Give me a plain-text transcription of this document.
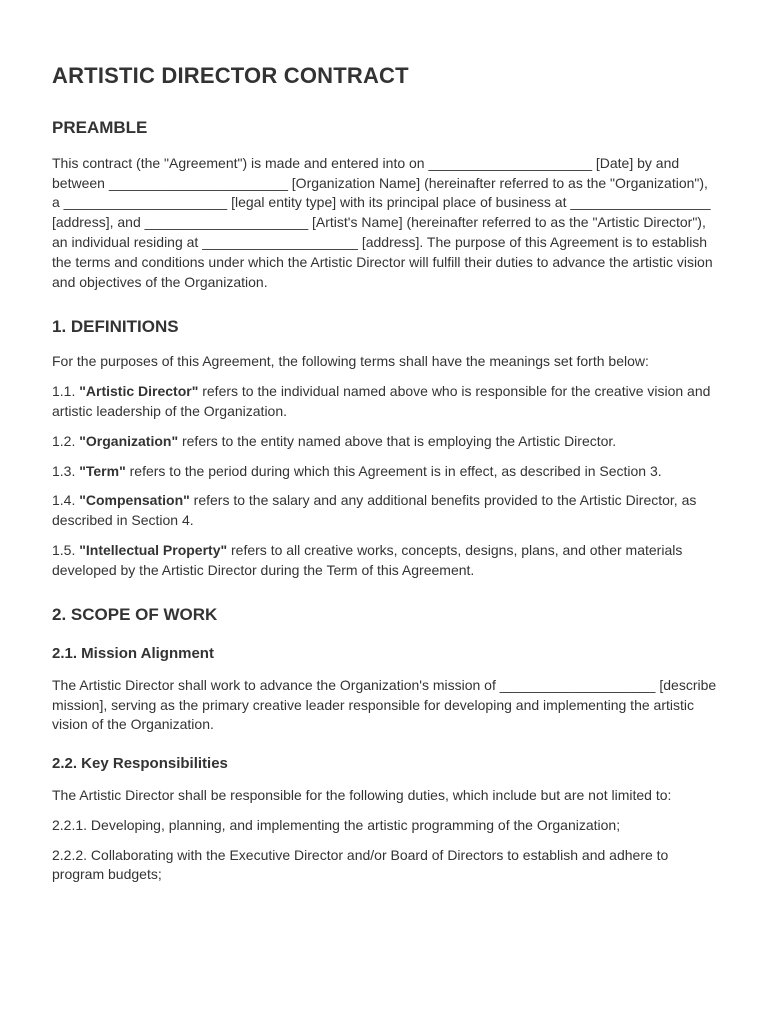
ARTISTIC DIRECTOR CONTRACT
PREAMBLE

This contract (the "Agreement") is made and entered into on _____________________ [Date] by and between _______________________ [Organization Name] (hereinafter referred to as the "Organization"), a _____________________ [legal entity type] with its principal place of business at __________________ [address], and _____________________ [Artist's Name] (hereinafter referred to as the "Artistic Director"), an individual residing at ____________________ [address]. The purpose of this Agreement is to establish the terms and conditions under which the Artistic Director will fulfill their duties to advance the artistic vision and objectives of the Organization.

1. DEFINITIONS

For the purposes of this Agreement, the following terms shall have the meanings set forth below:

1.1. "Artistic Director" refers to the individual named above who is responsible for the creative vision and artistic leadership of the Organization.

1.2. "Organization" refers to the entity named above that is employing the Artistic Director.

1.3. "Term" refers to the period during which this Agreement is in effect, as described in Section 3.

1.4. "Compensation" refers to the salary and any additional benefits provided to the Artistic Director, as described in Section 4.

1.5. "Intellectual Property" refers to all creative works, concepts, designs, plans, and other materials developed by the Artistic Director during the Term of this Agreement.

2. SCOPE OF WORK
2.1. Mission Alignment

The Artistic Director shall work to advance the Organization's mission of ____________________ [describe mission], serving as the primary creative leader responsible for developing and implementing the artistic vision of the Organization.

2.2. Key Responsibilities

The Artistic Director shall be responsible for the following duties, which include but are not limited to:

2.2.1. Developing, planning, and implementing the artistic programming of the Organization;

2.2.2. Collaborating with the Executive Director and/or Board of Directors to establish and adhere to program budgets;
